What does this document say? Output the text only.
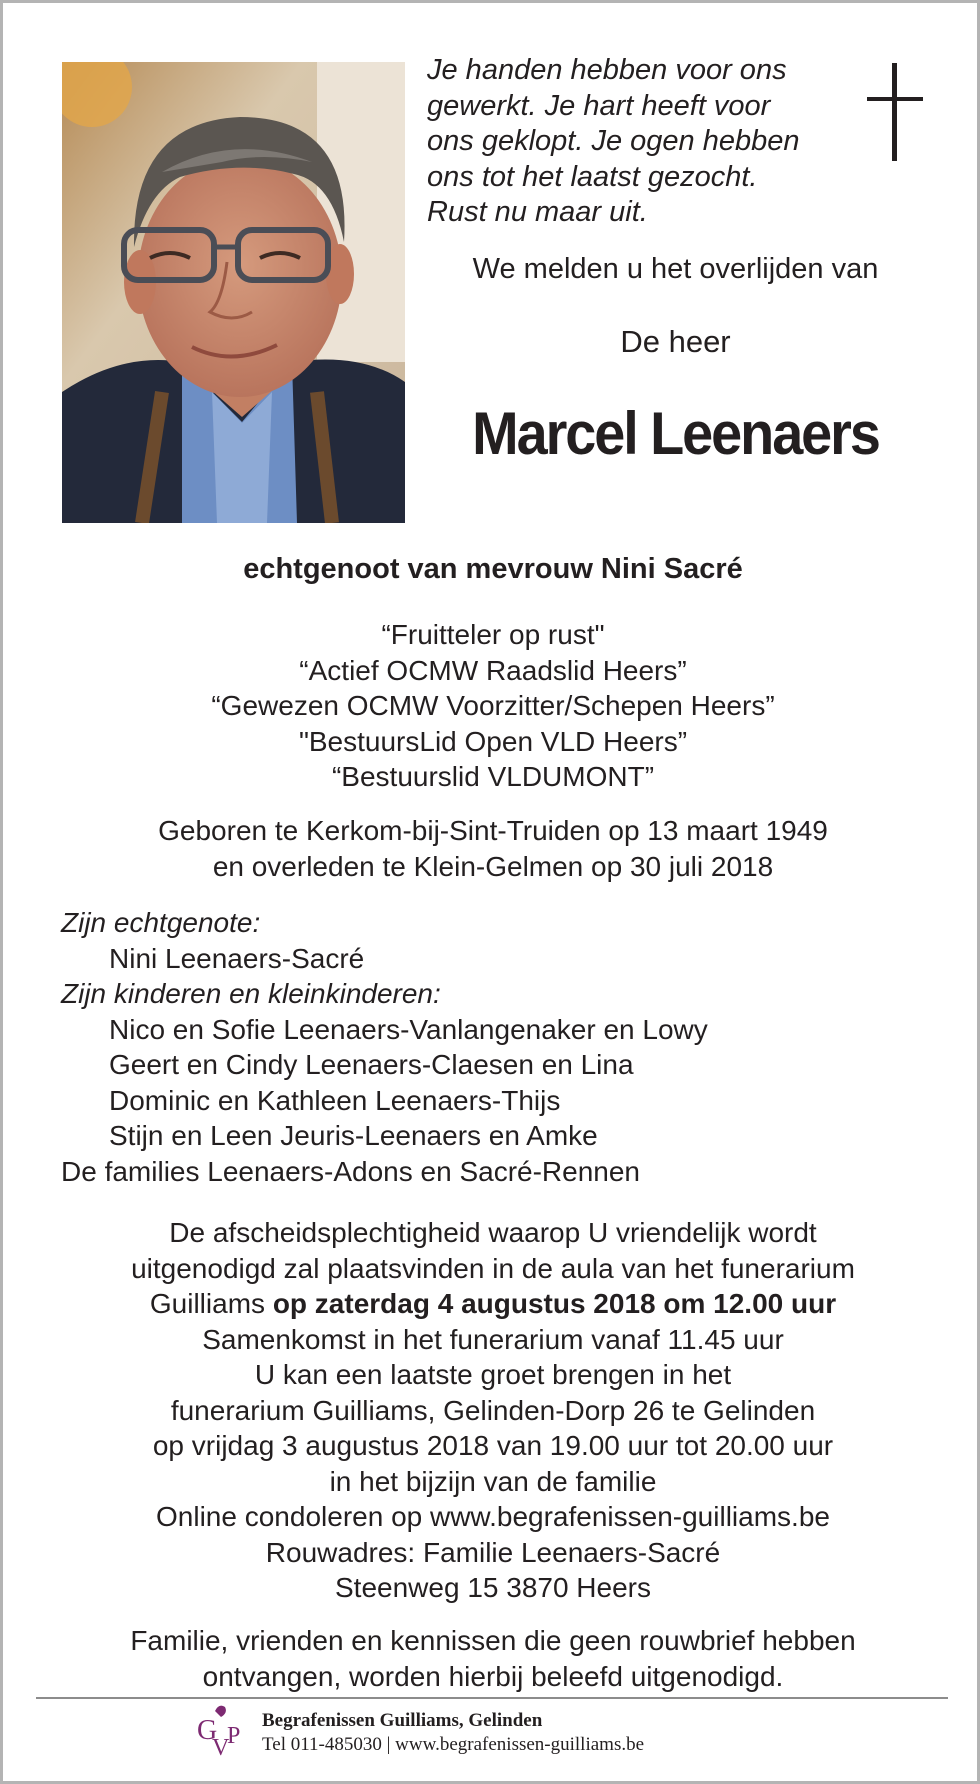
Je handen hebben voor ons
gewerkt. Je hart heeft voor
ons geklopt. Je ogen hebben
ons tot het laatst gezocht.
Rust nu maar uit.
We melden u het overlijden van
De heer
Marcel Leenaers
echtgenoot van mevrouw Nini Sacré
“Fruitteler op rust"
“Actief OCMW Raadslid Heers”
“Gewezen OCMW Voorzitter/Schepen Heers”
"BestuursLid Open VLD Heers”
“Bestuurslid VLDUMONT”
Geboren te Kerkom-bij-Sint-Truiden op 13 maart 1949
en overleden te Klein-Gelmen op 30 juli 2018
Zijn echtgenote:
Nini Leenaers-Sacré
Zijn kinderen en kleinkinderen:
Nico en Sofie Leenaers-Vanlangenaker en Lowy
Geert en Cindy Leenaers-Claesen en Lina
Dominic en Kathleen Leenaers-Thijs
Stijn en Leen Jeuris-Leenaers en Amke
De families Leenaers-Adons en Sacré-Rennen
De afscheidsplechtigheid waarop U vriendelijk wordt
uitgenodigd zal plaatsvinden in de aula van het funerarium
Guilliams op zaterdag 4 augustus 2018 om 12.00 uur
Samenkomst in het funerarium vanaf 11.45 uur
U kan een laatste groet brengen in het
funerarium Guilliams, Gelinden-Dorp 26 te Gelinden
op vrijdag 3 augustus 2018 van 19.00 uur tot 20.00 uur
in het bijzijn van de familie
Online condoleren op www.begrafenissen-guilliams.be
Rouwadres: Familie Leenaers-Sacré
Steenweg 15 3870 Heers
Familie, vrienden en kennissen die geen rouwbrief hebben
ontvangen, worden hierbij beleefd uitgenodigd.
G
V
P
Begrafenissen Guilliams, Gelinden
Tel 011-485030 | www.begrafenissen-guilliams.be
